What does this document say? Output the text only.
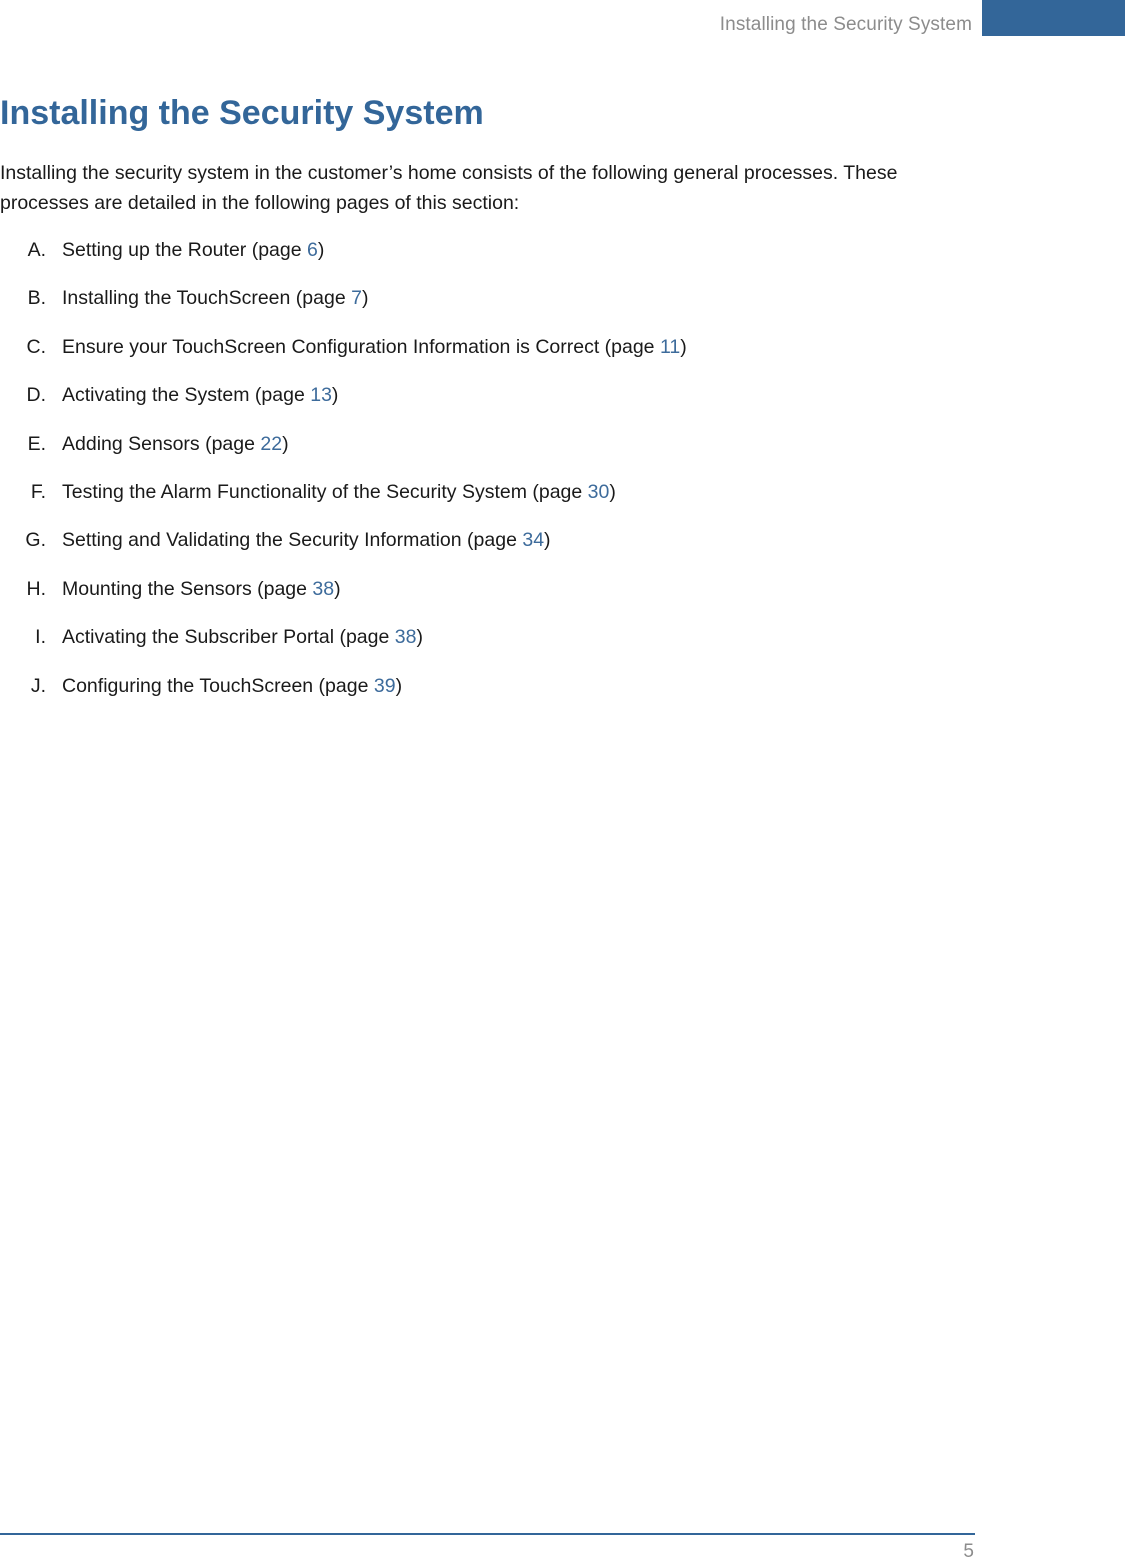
Installing the Security System
Installing the Security System

Installing the security system in the customer’s home consists of the following general processes. These processes are detailed in the following pages of this section:

A. Setting up the Router (page 6)
B. Installing the TouchScreen (page 7)
C. Ensure your TouchScreen Configuration Information is Correct (page 11)
D. Activating the System (page 13)
E. Adding Sensors (page 22)
F. Testing the Alarm Functionality of the Security System (page 30)
G. Setting and Validating the Security Information (page 34)
H. Mounting the Sensors (page 38)
I. Activating the Subscriber Portal (page 38)
J. Configuring the TouchScreen (page 39)
5
